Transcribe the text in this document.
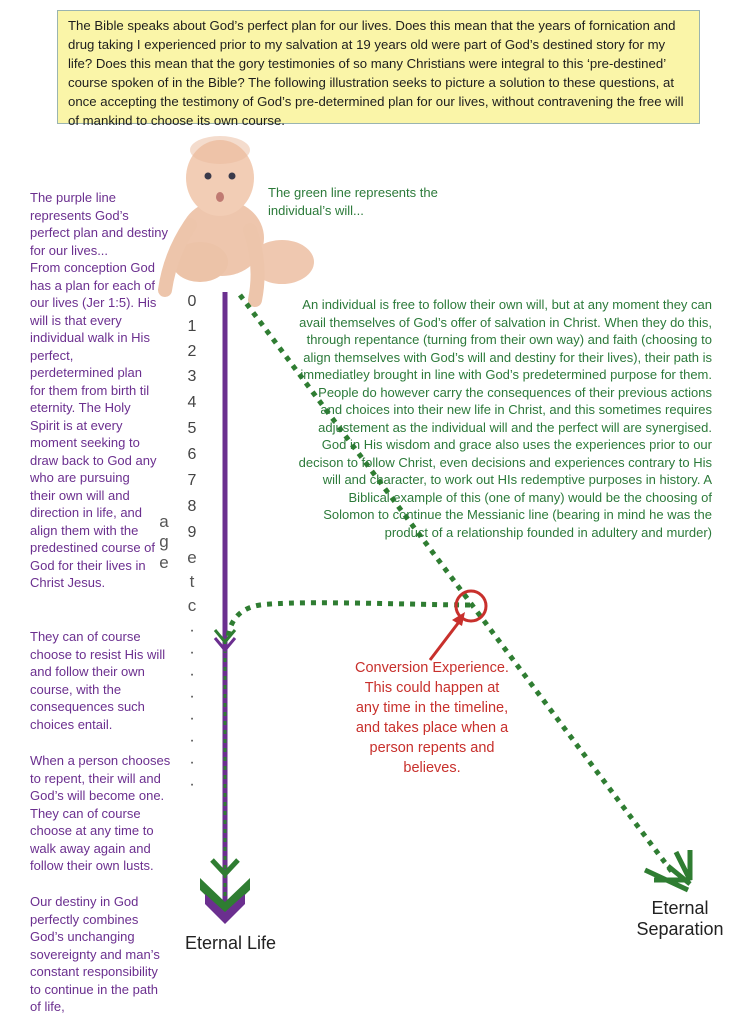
The Bible speaks about God’s perfect plan for our lives. Does this mean that the years of fornication and drug taking I experienced prior to my salvation at 19 years old were part of God’s destined story for my life? Does this mean that the gory testimonies of so many Christians were integral to this ‘pre-destined’ course spoken of in the Bible? The following illustration seeks to picture a solution to these questions, at once accepting the testimony of God’s pre-determined plan for our lives, without contravening the free will of mankind to choose its own course.
0
1
2
3
4
5
6
7
8
9
e
t
c
·
·
·
·
·
·
·
·
a
g
e
The purple line represents God’s perfect plan and destiny for our lives...
From conception God has a plan for each of our lives (Jer 1:5). His will is that every individual walk in His perfect, perdetermined plan for them from birth til eternity. The Holy Spirit is at every moment seeking to draw back to God any who are pursuing their own will and direction in life, and align them with the predestined course of God for their lives in Christ Jesus.
They can of course choose to resist His will and follow their own course, with the consequences such choices entail.
When a person chooses to repent, their will and God’s will become one. They can of course choose at any time to walk away again and follow their own lusts.
Our destiny in God perfectly combines God’s unchanging sovereignty and man’s constant responsibility to continue in the path of life,
The green line represents the individual’s will...
An individual is free to follow their own will, but at any moment they can avail themselves of God’s offer of salvation in Christ. When they do this, through repentance (turning from their own way) and faith (choosing to align themselves with God’s will and destiny for their lives), their path is immediatley brought in line with God’s predetermined purpose for them. People do however carry the consequences of their previous actions and choices into their new life in Christ, and this sometimes requires adjustement as the individual will and the perfect will are synergised. God in His wisdom and grace also uses the experiences prior to our decison to follow Christ, even decisions and experiences contrary to His will and character, to work out HIs redemptive purposes in history. A Biblical example of this (one of many) would be the choosing of Solomon to continue the Messianic line (bearing in mind he was the product of a relationship founded in adultery and murder)
Conversion Experience. This could happen at any time in the timeline, and takes place when a person repents and believes.
Eternal Life
Eternal
Separation
